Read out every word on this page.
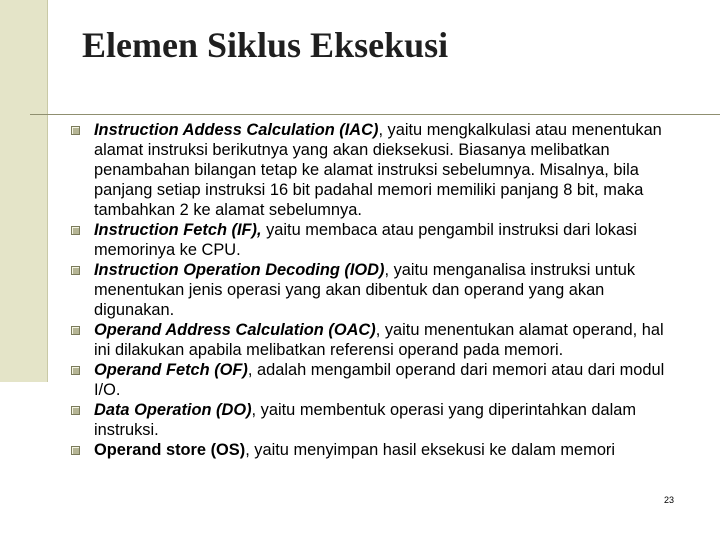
Elemen Siklus Eksekusi
Instruction Addess Calculation (IAC), yaitu mengkalkulasi atau menentukan alamat instruksi berikutnya yang akan dieksekusi. Biasanya melibatkan penambahan bilangan tetap ke alamat instruksi sebelumnya. Misalnya, bila panjang setiap instruksi 16 bit padahal memori memiliki panjang 8 bit, maka tambahkan 2 ke alamat sebelumnya.
Instruction Fetch (IF), yaitu membaca atau pengambil instruksi dari lokasi memorinya ke CPU.
Instruction Operation Decoding (IOD), yaitu menganalisa instruksi untuk menentukan jenis operasi yang akan dibentuk dan operand yang akan digunakan.
Operand Address Calculation (OAC), yaitu menentukan alamat operand, hal ini dilakukan apabila melibatkan referensi operand pada memori.
Operand Fetch (OF), adalah mengambil operand dari memori atau dari modul I/O.
Data Operation (DO), yaitu membentuk operasi yang diperintahkan dalam instruksi.
Operand store (OS), yaitu menyimpan hasil eksekusi ke dalam memori
23
